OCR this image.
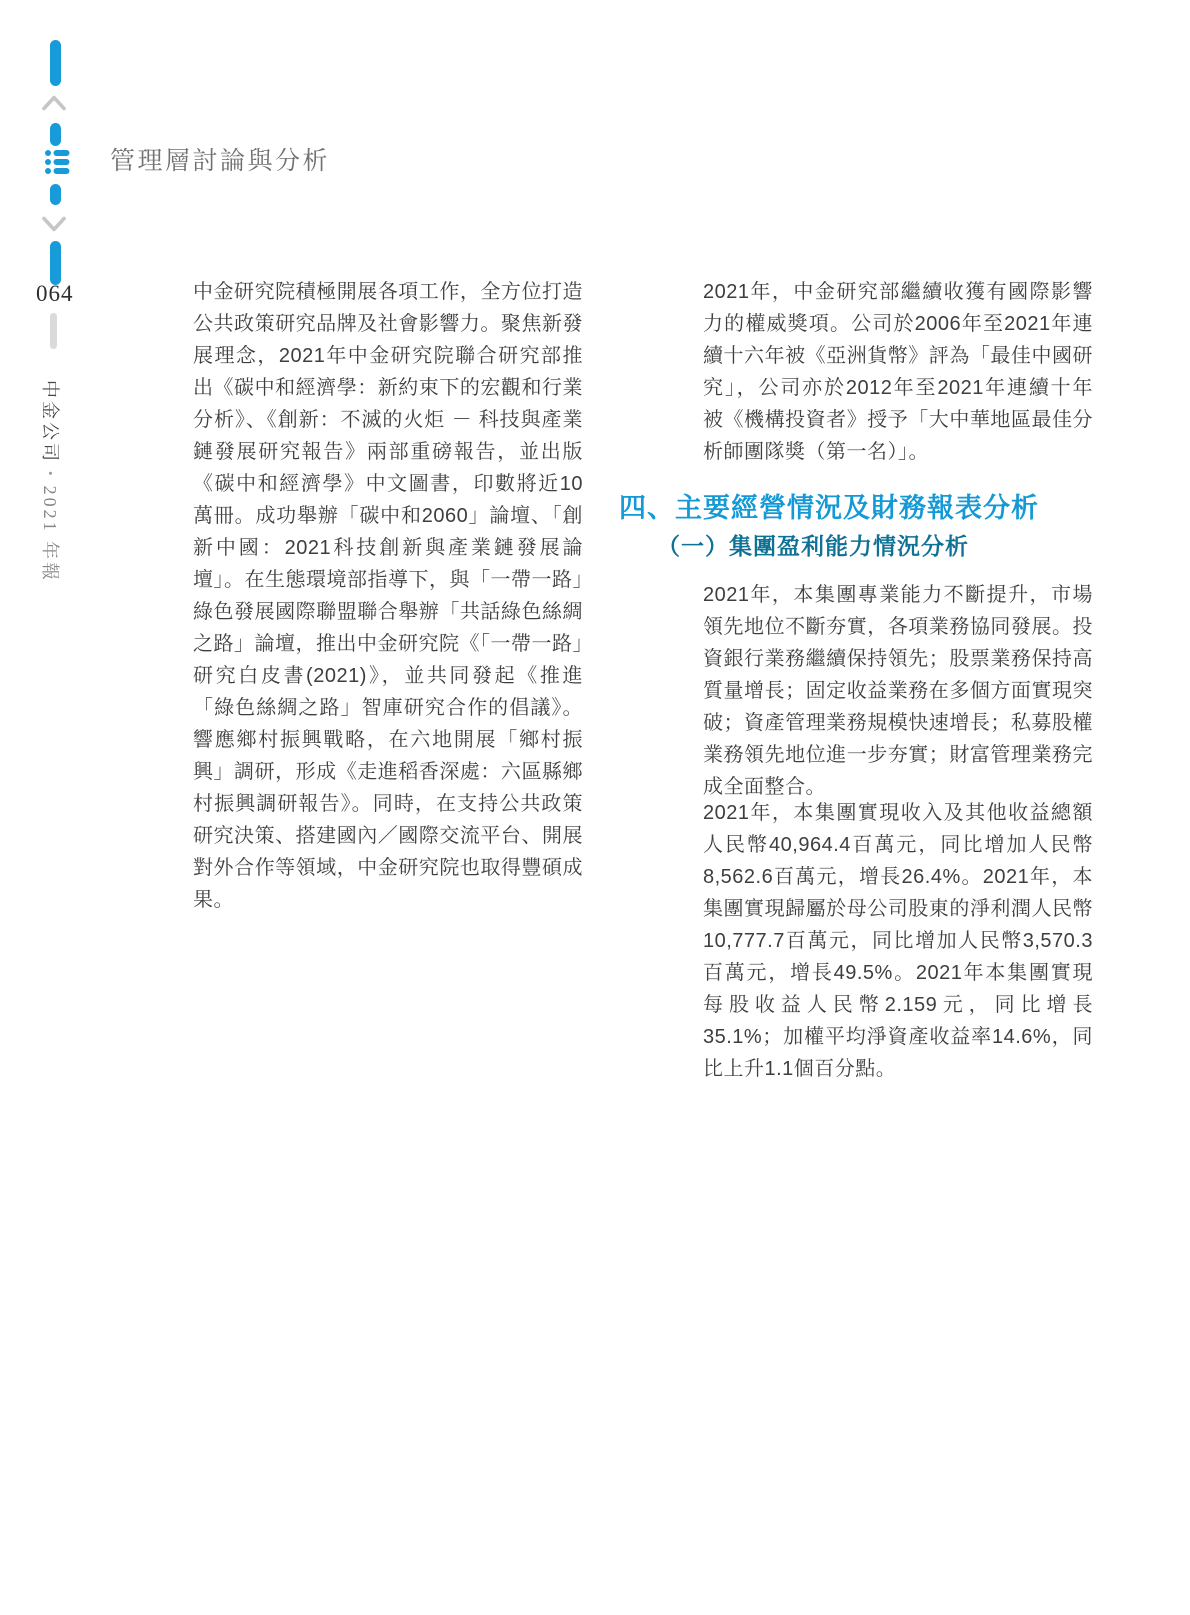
064
中金公司•2021 年報
管理層討論與分析
中金研究院積極開展各項工作，全方位打造公共政策研究品牌及社會影響力。聚焦新發展理念，2021年中金研究院聯合研究部推出《碳中和經濟學：新約束下的宏觀和行業分析》、《創新：不滅的火炬 － 科技與產業鏈發展研究報告》兩部重磅報告，並出版《碳中和經濟學》中文圖書，印數將近10萬冊。成功舉辦「碳中和2060」論壇、「創新中國：2021科技創新與產業鏈發展論壇」。在生態環境部指導下，與「一帶一路」綠色發展國際聯盟聯合舉辦「共話綠色絲綢之路」論壇，推出中金研究院《「一帶一路」研究白皮書(2021)》，並共同發起《推進「綠色絲綢之路」智庫研究合作的倡議》。響應鄉村振興戰略，在六地開展「鄉村振興」調研，形成《走進稻香深處：六區縣鄉村振興調研報告》。同時，在支持公共政策研究決策、搭建國內／國際交流平台、開展對外合作等領域，中金研究院也取得豐碩成果。
2021年，中金研究部繼續收獲有國際影響力的權威獎項。公司於2006年至2021年連續十六年被《亞洲貨幣》評為「最佳中國研究」，公司亦於2012年至2021年連續十年被《機構投資者》授予「大中華地區最佳分析師團隊獎（第一名）」。
四、主要經營情況及財務報表分析
（一）集團盈利能力情況分析
2021年，本集團專業能力不斷提升，市場領先地位不斷夯實，各項業務協同發展。投資銀行業務繼續保持領先；股票業務保持高質量增長；固定收益業務在多個方面實現突破；資產管理業務規模快速增長；私募股權業務領先地位進一步夯實；財富管理業務完成全面整合。
2021年，本集團實現收入及其他收益總額人民幣40,964.4百萬元，同比增加人民幣8,562.6百萬元，增長26.4%。2021年，本集團實現歸屬於母公司股東的淨利潤人民幣10,777.7百萬元，同比增加人民幣3,570.3百萬元，增長49.5%。2021年本集團實現每股收益人民幣2.159元，同比增長35.1%；加權平均淨資產收益率14.6%，同比上升1.1個百分點。
